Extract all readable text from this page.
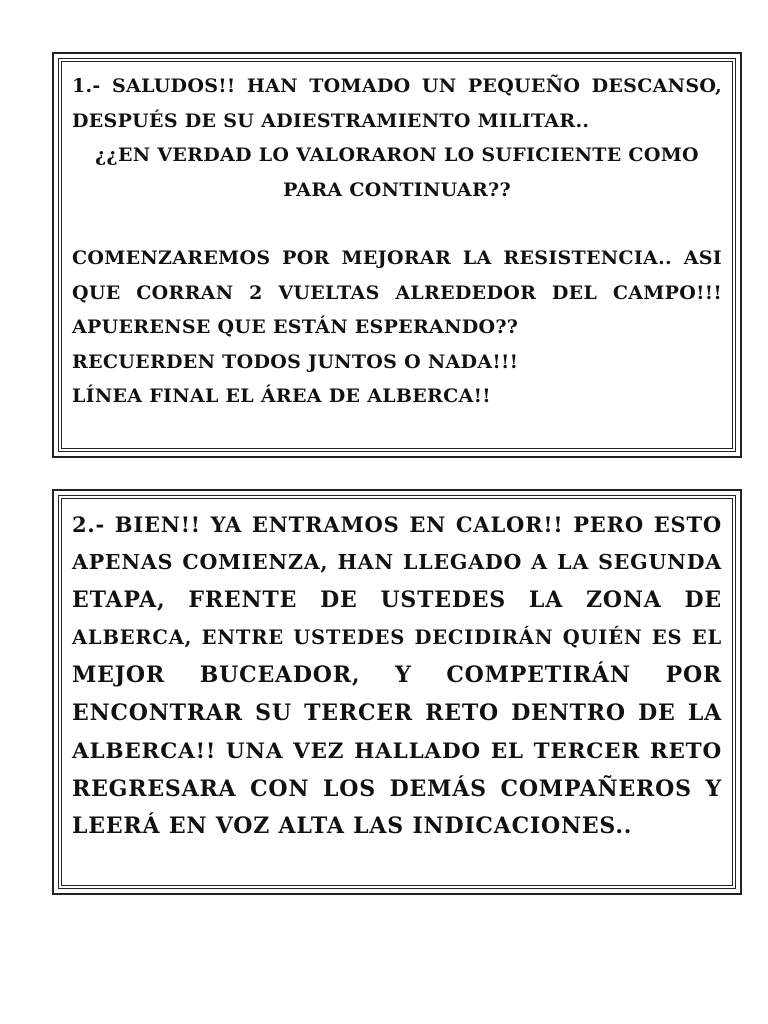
1.- SALUDOS!! HAN TOMADO UN PEQUEÑO DESCANSO,

DESPUÉS DE SU ADIESTRAMIENTO MILITAR..

¿¿EN VERDAD LO VALORARON LO SUFICIENTE COMO

PARA CONTINUAR??

COMENZAREMOS POR MEJORAR LA RESISTENCIA.. ASI

QUE CORRAN 2 VUELTAS ALREDEDOR DEL CAMPO!!!

APUERENSE QUE ESTÁN ESPERANDO??

RECUERDEN TODOS JUNTOS O NADA!!!

LÍNEA FINAL EL ÁREA DE ALBERCA!!

2.- BIEN!! YA ENTRAMOS EN CALOR!! PERO ESTO

APENAS COMIENZA, HAN LLEGADO A LA SEGUNDA

ETAPA, FRENTE DE USTEDES LA ZONA DE

ALBERCA, ENTRE USTEDES DECIDIRÁN QUIÉN ES EL

MEJOR BUCEADOR, Y COMPETIRÁN POR

ENCONTRAR SU TERCER RETO DENTRO DE LA

ALBERCA!! UNA VEZ HALLADO EL TERCER RETO

REGRESARA CON LOS DEMÁS COMPAÑEROS Y

LEERÁ EN VOZ ALTA LAS INDICACIONES..
